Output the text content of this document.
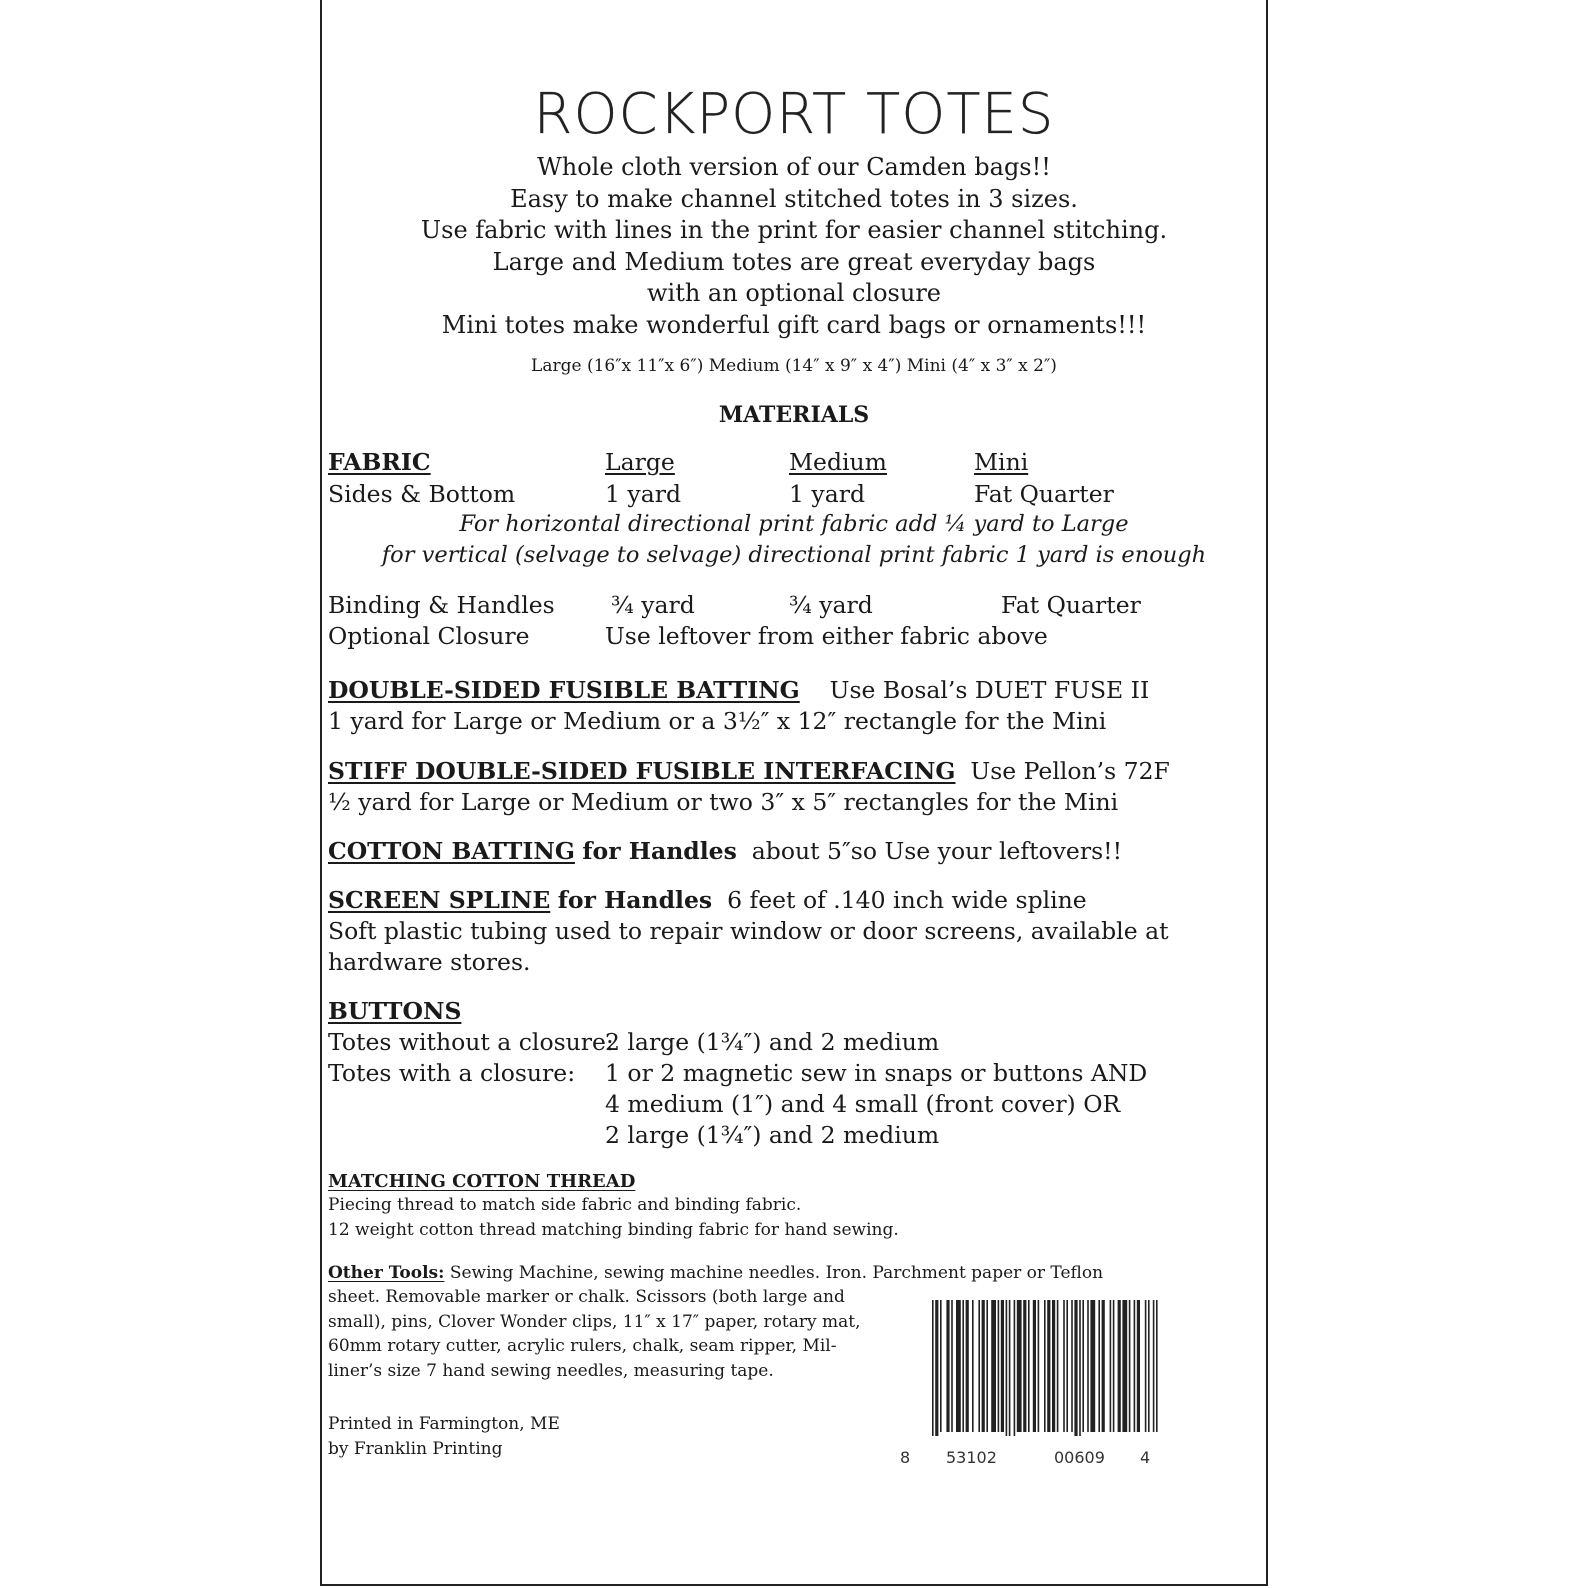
ROCKPORT TOTES
Whole cloth version of our Camden bags!!
Easy to make channel stitched totes in 3 sizes.
Use fabric with lines in the print for easier channel stitching.
Large and Medium totes are great everyday bags
with an optional closure
Mini totes make wonderful gift card bags or ornaments!!!
Large (16″x 11″x 6″) Medium (14″ x 9″ x 4″) Mini (4″ x 3″ x 2″)
MATERIALS
FABRIC	Large	Medium	Mini
Sides & Bottom	1 yard	1 yard	Fat Quarter
For horizontal directional print fabric add ¼ yard to Large
for vertical (selvage to selvage) directional print fabric 1 yard is enough
Binding & Handles ¾ yard	¾ yard	Fat Quarter
Optional Closure	Use leftover from either fabric above
DOUBLE-SIDED FUSIBLE BATTING Use Bosal’s DUET FUSE II
1 yard for Large or Medium or a 3½″ x 12″ rectangle for the Mini
STIFF DOUBLE-SIDED FUSIBLE INTERFACING Use Pellon’s 72F
½ yard for Large or Medium or two 3″ x 5″ rectangles for the Mini
COTTON BATTING for Handles about 5″so Use your leftovers!!
SCREEN SPLINE for Handles 6 feet of .140 inch wide spline
Soft plastic tubing used to repair window or door screens, available at
hardware stores.
BUTTONS
Totes without a closure:
2 large (1¾″) and 2 medium
Totes with a closure: 1 or 2 magnetic sew in snaps or buttons AND
4 medium (1″) and 4 small (front cover) OR
2 large (1¾″) and 2 medium
MATCHING COTTON THREAD
Piecing thread to match side fabric and binding fabric.
12 weight cotton thread matching binding fabric for hand sewing.
Other Tools: Sewing Machine, sewing machine needles. Iron. Parchment paper or Teflon
sheet. Removable marker or chalk. Scissors (both large and
small), pins, Clover Wonder clips, 11″ x 17″ paper, rotary mat,
60mm rotary cutter, acrylic rulers, chalk, seam ripper, Mil-
liner’s size 7 hand sewing needles, measuring tape.
Printed in Farmington, ME
by Franklin Printing	8 53102	00609 4
